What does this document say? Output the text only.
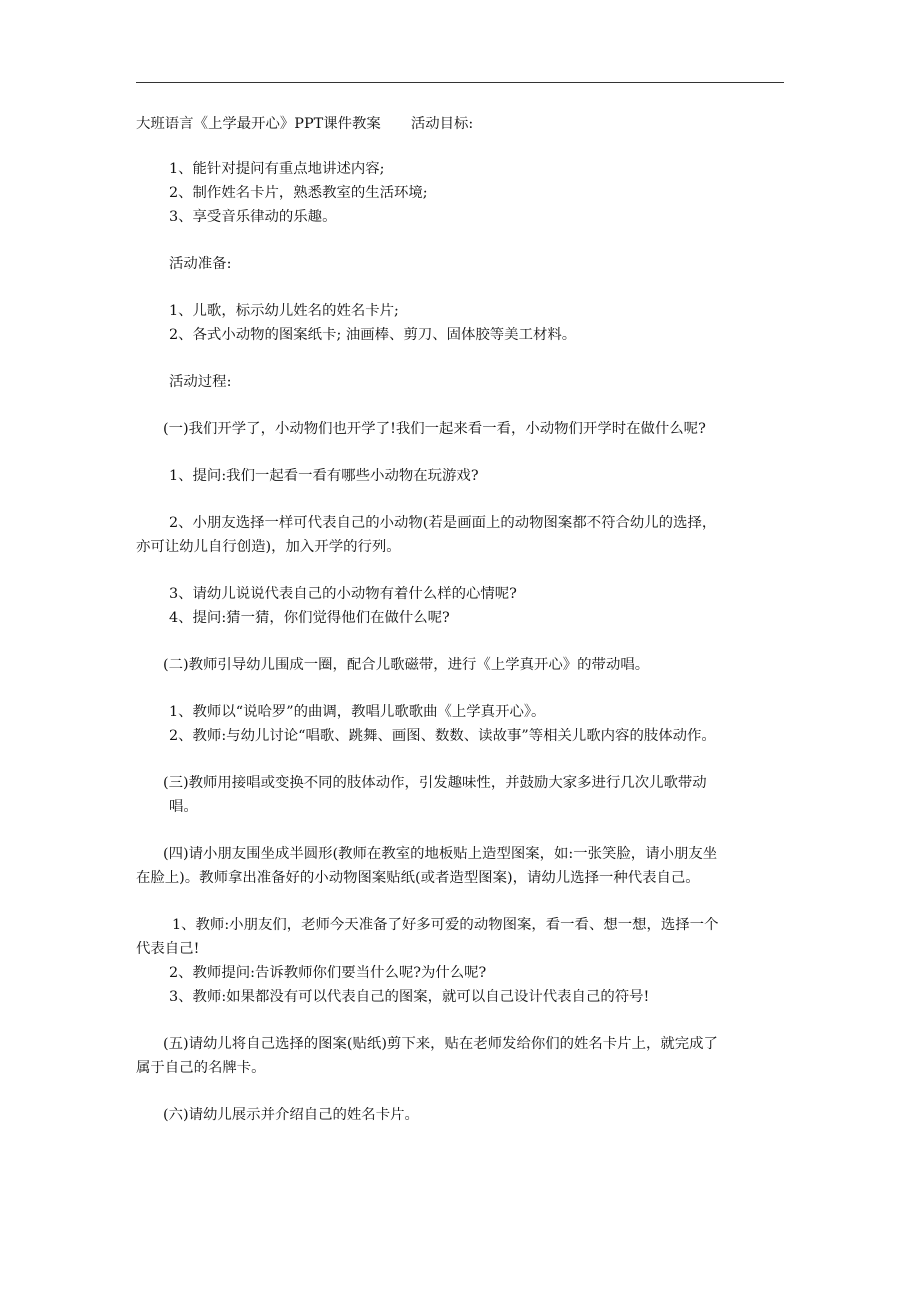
大班语言《上学最开心》PPT课件教案 活动目标:
1、能针对提问有重点地讲述内容;
2、制作姓名卡片，熟悉教室的生活环境;
3、享受音乐律动的乐趣。
活动准备:
1、儿歌，标示幼儿姓名的姓名卡片;
2、各式小动物的图案纸卡; 油画棒、剪刀、固体胶等美工材料。
活动过程:
(一)我们开学了，小动物们也开学了!我们一起来看一看，小动物们开学时在做什么呢?
1、提问:我们一起看一看有哪些小动物在玩游戏?
2、小朋友选择一样可代表自己的小动物(若是画面上的动物图案都不符合幼儿的选择，
亦可让幼儿自行创造)，加入开学的行列。
3、请幼儿说说代表自己的小动物有着什么样的心情呢?
4、提问:猜一猜，你们觉得他们在做什么呢?
(二)教师引导幼儿围成一圈，配合儿歌磁带，进行《上学真开心》的带动唱。
1、教师以“说哈罗”的曲调，教唱儿歌歌曲《上学真开心》。
2、教师:与幼儿讨论“唱歌、跳舞、画图、数数、读故事”等相关儿歌内容的肢体动作。
(三)教师用接唱或变换不同的肢体动作，引发趣味性，并鼓励大家多进行几次儿歌带动
唱。
(四)请小朋友围坐成半圆形(教师在教室的地板贴上造型图案，如:一张笑脸，请小朋友坐
在脸上)。教师拿出准备好的小动物图案贴纸(或者造型图案)，请幼儿选择一种代表自己。
1、教师:小朋友们，老师今天准备了好多可爱的动物图案，看一看、想一想，选择一个
代表自己!
2、教师提问:告诉教师你们要当什么呢?为什么呢?
3、教师:如果都没有可以代表自己的图案，就可以自己设计代表自己的符号!
(五)请幼儿将自己选择的图案(贴纸)剪下来，贴在老师发给你们的姓名卡片上，就完成了
属于自己的名牌卡。
(六)请幼儿展示并介绍自己的姓名卡片。
